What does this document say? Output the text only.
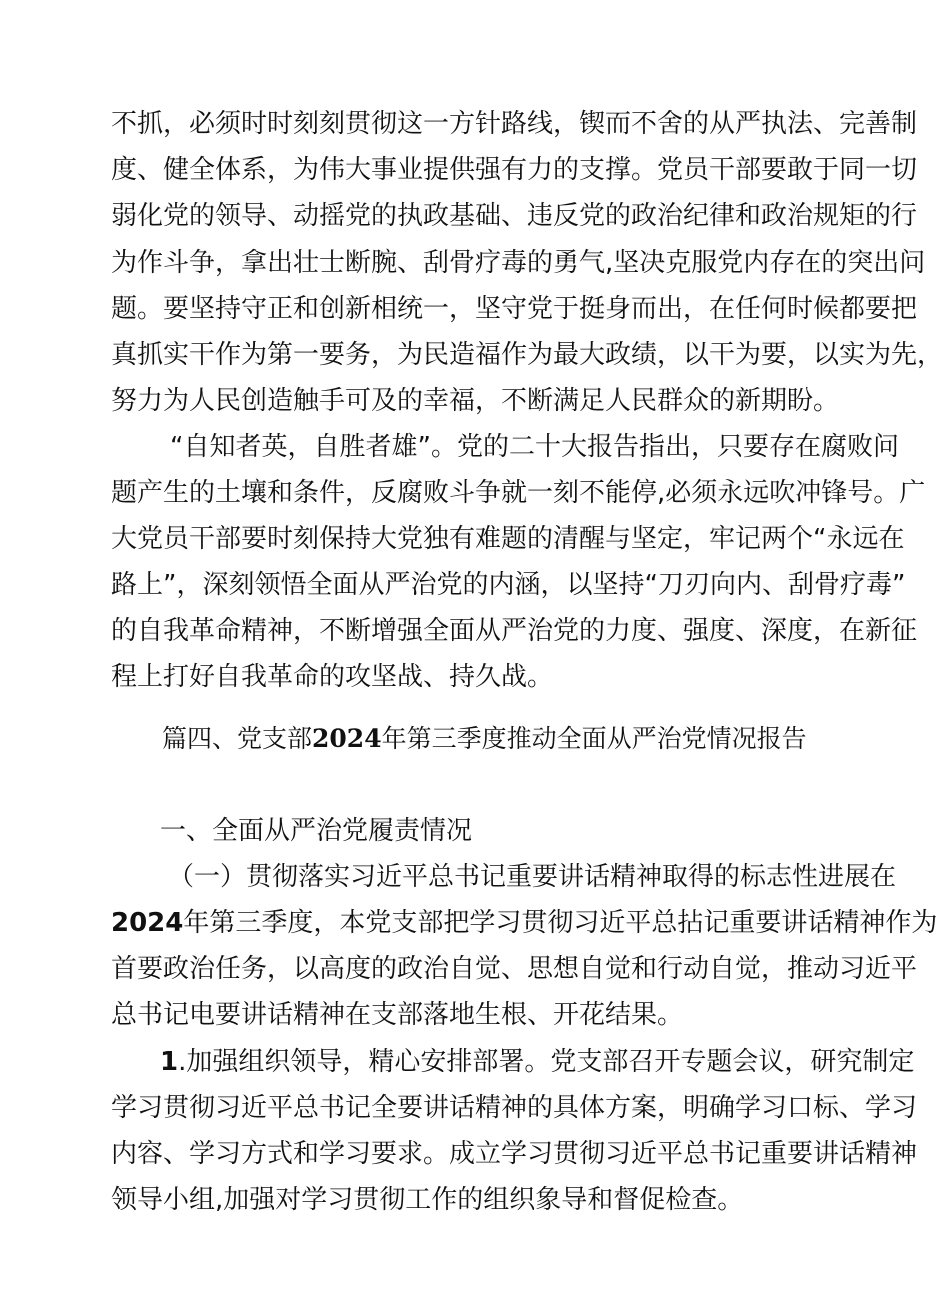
不抓，必须时时刻刻贯彻这一方针路线，锲而不舍的从严执法、完善制
度、健全体系，为伟大事业提供强有力的支撑。党员干部要敢于同一切
弱化党的领导、动摇党的执政基础、违反党的政治纪律和政治规矩的行
为作斗争，拿出壮士断腕、刮骨疗毒的勇气,坚决克服党内存在的突出问
题。要坚持守正和创新相统一，坚守党于挺身而出，在任何时候都要把
真抓实干作为第一要务，为民造福作为最大政绩，以干为要，以实为先，
努力为人民创造触手可及的幸福，不断满足人民群众的新期盼。
“自知者英，自胜者雄”。党的二十大报告指出，只要存在腐败问
题产生的土壤和条件，反腐败斗争就一刻不能停,必须永远吹冲锋号。广
大党员干部要时刻保持大党独有难题的清醒与坚定，牢记两个“永远在
路上”，深刻领悟全面从严治党的内涵，以坚持“刀刃向内、刮骨疗毒”
的自我革命精神，不断增强全面从严治党的力度、强度、深度，在新征
程上打好自我革命的攻坚战、持久战。
篇四、党支部2024年第三季度推动全面从严治党情况报告
一、全面从严治党履责情况
（一）贯彻落实习近平总书记重要讲话精神取得的标志性进展在
2024年第三季度，本党支部把学习贯彻习近平总拈记重要讲话精神作为
首要政治任务，以高度的政治自觉、思想自觉和行动自觉，推动习近平
总书记电要讲话精神在支部落地生根、开花结果。
1.加强组织领导，精心安排部署。党支部召开专题会议，研究制定
学习贯彻习近平总书记全要讲话精神的具体方案，明确学习口标、学习
内容、学习方式和学习要求。成立学习贯彻习近平总书记重要讲话精神
领导小组,加强对学习贯彻工作的组织象导和督促检查。
